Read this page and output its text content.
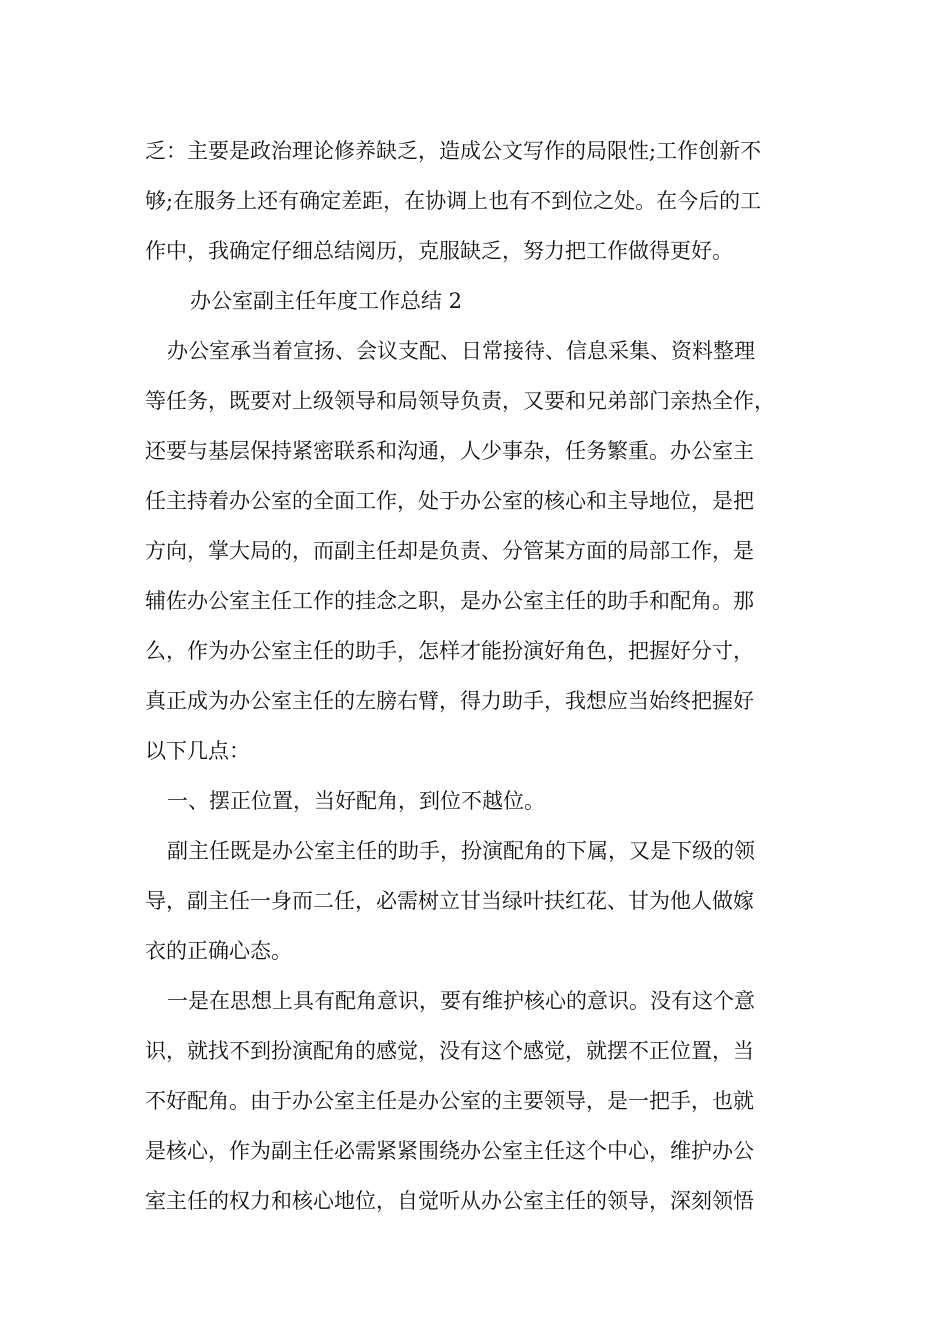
乏：主要是政治理论修养缺乏，造成公文写作的局限性;工作创新不
够;在服务上还有确定差距，在协调上也有不到位之处。在今后的工
作中，我确定仔细总结阅历，克服缺乏，努力把工作做得更好。
办公室副主任年度工作总结 2
办公室承当着宣扬、会议支配、日常接待、信息采集、资料整理
等任务，既要对上级领导和局领导负责，又要和兄弟部门亲热全作，
还要与基层保持紧密联系和沟通，人少事杂，任务繁重。办公室主
任主持着办公室的全面工作，处于办公室的核心和主导地位，是把
方向，掌大局的，而副主任却是负责、分管某方面的局部工作，是
辅佐办公室主任工作的挂念之职，是办公室主任的助手和配角。那
么，作为办公室主任的助手，怎样才能扮演好角色，把握好分寸，
真正成为办公室主任的左膀右臂，得力助手，我想应当始终把握好
以下几点：
一、摆正位置，当好配角，到位不越位。
副主任既是办公室主任的助手，扮演配角的下属，又是下级的领
导，副主任一身而二任，必需树立甘当绿叶扶红花、甘为他人做嫁
衣的正确心态。
一是在思想上具有配角意识，要有维护核心的意识。没有这个意
识，就找不到扮演配角的感觉，没有这个感觉，就摆不正位置，当
不好配角。由于办公室主任是办公室的主要领导，是一把手，也就
是核心，作为副主任必需紧紧围绕办公室主任这个中心，维护办公
室主任的权力和核心地位，自觉听从办公室主任的领导，深刻领悟
